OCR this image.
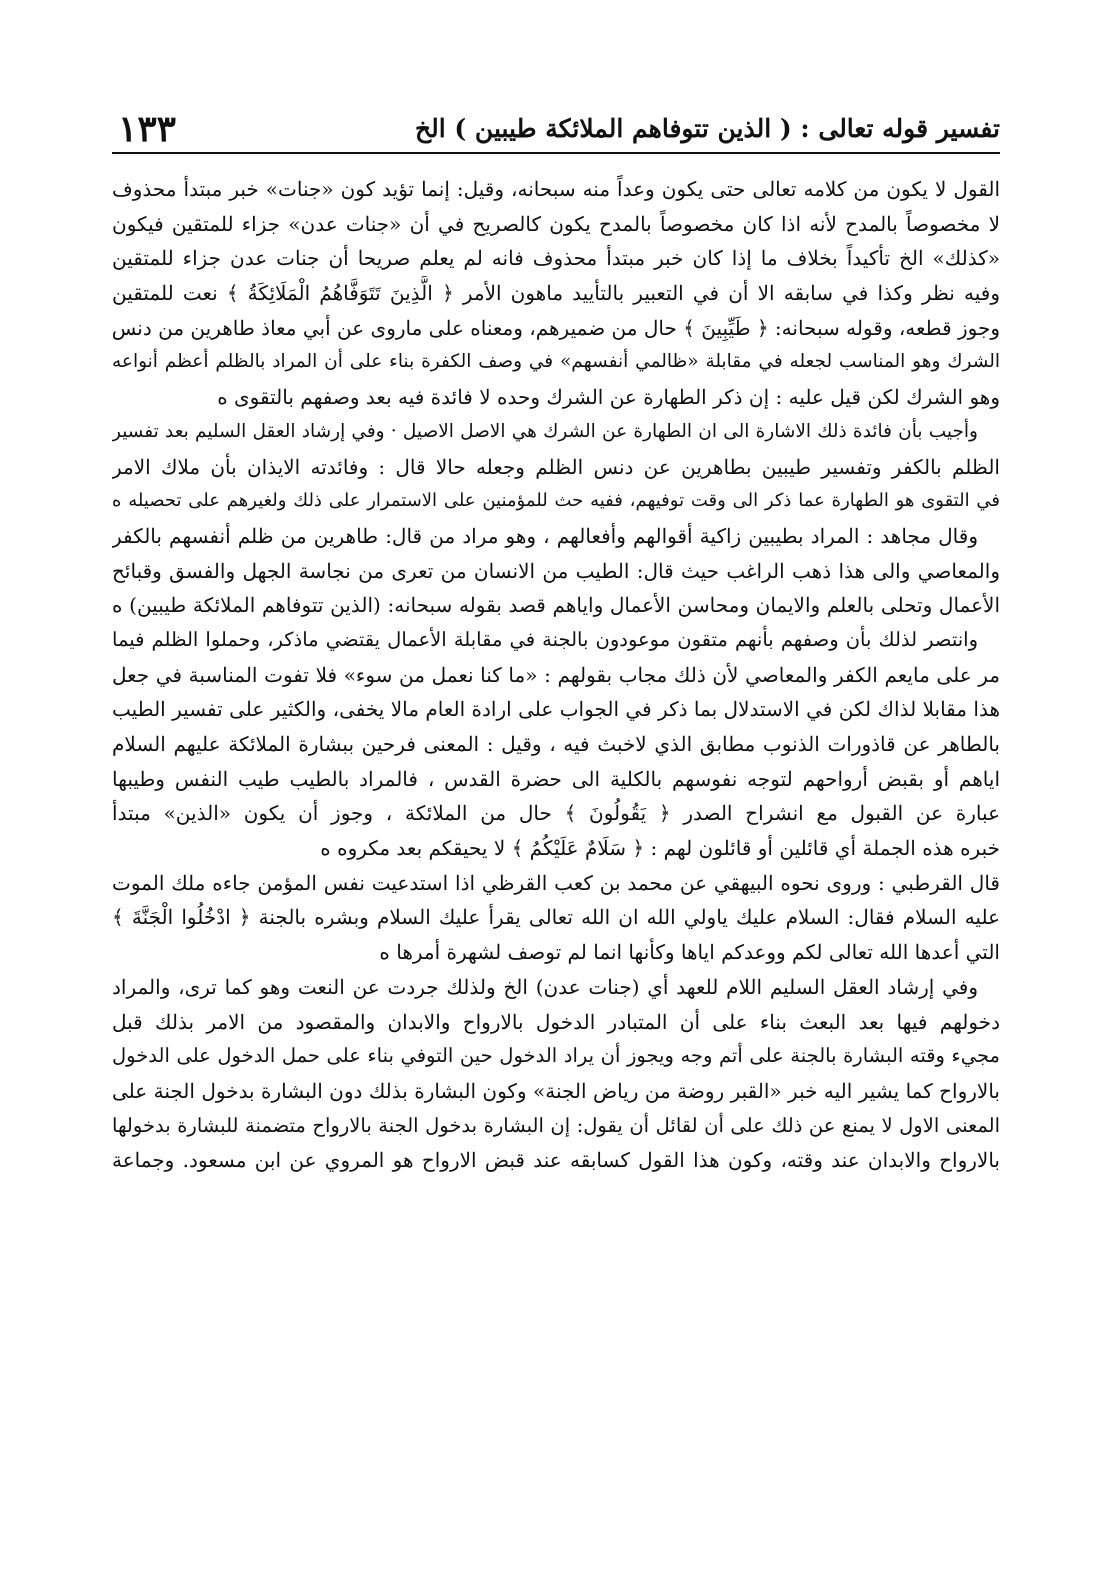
تفسير قوله تعالى : ( الذين تتوفاهم الملائكة طيبين ) الخ
١٣٣
القول لا يكون من كلامه تعالى حتى يكون وعداً منه سبحانه، وقيل: إنما تؤيد كون «جنات» خبر مبتدأ محذوف
لا مخصوصاً بالمدح لأنه اذا كان مخصوصاً بالمدح يكون كالصريح في أن «جنات عدن» جزاء للمتقين فيكون
«كذلك» الخ تأكيداً بخلاف ما إذا كان خبر مبتدأ محذوف فانه لم يعلم صريحا أن جنات عدن جزاء للمتقين
وفيه نظر وكذا في سابقه الا أن في التعبير بالتأييد ماهون الأمر ﴿ الَّذِينَ تَتَوَفَّاهُمُ الْمَلَائِكَةُ ﴾ نعت للمتقين
وجوز قطعه، وقوله سبحانه: ﴿ طَيِّبِينَ ﴾ حال من ضميرهم، ومعناه على ماروى عن أبي معاذ طاهرين من دنس
الشرك وهو المناسب لجعله في مقابلة «ظالمي أنفسهم» في وصف الكفرة بناء على أن المراد بالظلم أعظم أنواعه
وهو الشرك لكن قيل عليه : إن ذكر الطهارة عن الشرك وحده لا فائدة فيه بعد وصفهم بالتقوى ه
وأجيب بأن فائدة ذلك الاشارة الى ان الطهارة عن الشرك هي الاصل الاصيل · وفي إرشاد العقل السليم بعد تفسير
الظلم بالكفر وتفسير طيبين بطاهرين عن دنس الظلم وجعله حالا قال : وفائدته الايذان بأن ملاك الامر
في التقوى هو الطهارة عما ذكر الى وقت توفيهم، ففيه حث للمؤمنين على الاستمرار على ذلك ولغيرهم على تحصيله ه
وقال مجاهد : المراد بطيبين زاكية أقوالهم وأفعالهم ، وهو مراد من قال: طاهرين من ظلم أنفسهم بالكفر
والمعاصي والى هذا ذهب الراغب حيث قال: الطيب من الانسان من تعرى من نجاسة الجهل والفسق وقبائح
الأعمال وتحلى بالعلم والايمان ومحاسن الأعمال واياهم قصد بقوله سبحانه: (الذين تتوفاهم الملائكة طيبين) ه
وانتصر لذلك بأن وصفهم بأنهم متقون موعودون بالجنة في مقابلة الأعمال يقتضي ماذكر، وحملوا الظلم فيما
مر على مايعم الكفر والمعاصي لأن ذلك مجاب بقولهم : «ما كنا نعمل من سوء» فلا تفوت المناسبة في جعل
هذا مقابلا لذاك لكن في الاستدلال بما ذكر في الجواب على ارادة العام مالا يخفى، والكثير على تفسير الطيب
بالطاهر عن قاذورات الذنوب مطابق الذي لاخبث فيه ، وقيل : المعنى فرحين ببشارة الملائكة عليهم السلام
اياهم أو بقبض أرواحهم لتوجه نفوسهم بالكلية الى حضرة القدس ، فالمراد بالطيب طيب النفس وطيبها
عبارة عن القبول مع انشراح الصدر ﴿ يَقُولُونَ ﴾ حال من الملائكة ، وجوز أن يكون «الذين» مبتدأ
خبره هذه الجملة أي قائلين أو قائلون لهم : ﴿ سَلَامٌ عَلَيْكُمُ ﴾ لا يحيقكم بعد مكروه ه
قال القرطبي : وروى نحوه البيهقي عن محمد بن كعب القرظي اذا استدعيت نفس المؤمن جاءه ملك الموت
عليه السلام فقال: السلام عليك ياولي الله ان الله تعالى يقرأ عليك السلام وبشره بالجنة ﴿ ادْخُلُوا الْجَنَّةَ ﴾
التي أعدها الله تعالى لكم ووعدكم اياها وكأنها انما لم توصف لشهرة أمرها ه
وفي إرشاد العقل السليم اللام للعهد أي (جنات عدن) الخ ولذلك جردت عن النعت وهو كما ترى، والمراد
دخولهم فيها بعد البعث بناء على أن المتبادر الدخول بالارواح والابدان والمقصود من الامر بذلك قبل
مجيء وقته البشارة بالجنة على أتم وجه ويجوز أن يراد الدخول حين التوفي بناء على حمل الدخول على الدخول
بالارواح كما يشير اليه خبر «القبر روضة من رياض الجنة» وكون البشارة بذلك دون البشارة بدخول الجنة على
المعنى الاول لا يمنع عن ذلك على أن لقائل أن يقول: إن البشارة بدخول الجنة بالارواح متضمنة للبشارة بدخولها
بالارواح والابدان عند وقته، وكون هذا القول كسابقه عند قبض الارواح هو المروي عن ابن مسعود. وجماعة
